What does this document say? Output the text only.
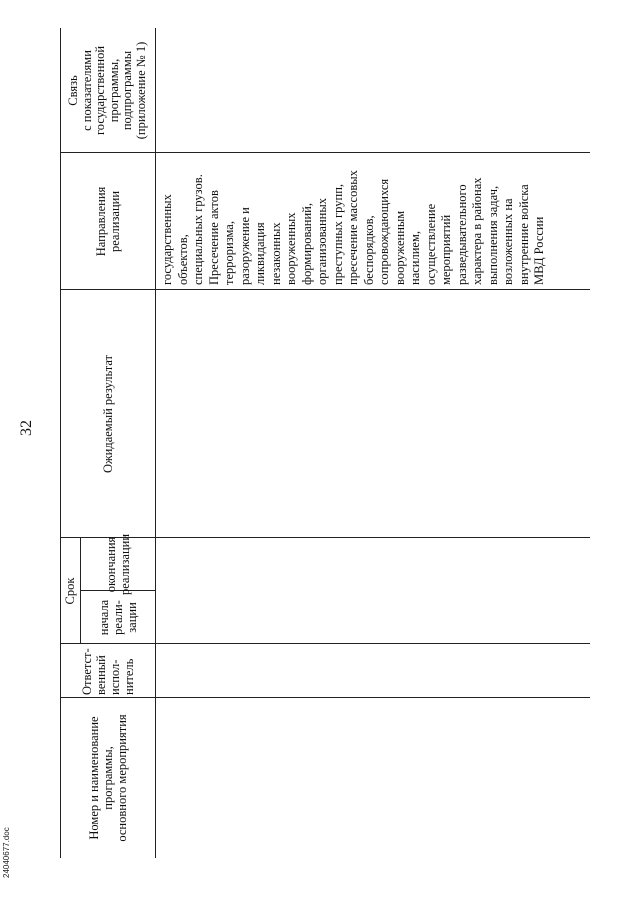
32
Номер и наименование программы, основного мероприятия
Ответст- венный испол- нитель
Срок
начала реали- зации
окончания реализации
Ожидаемый результат
Направления реализации
Связь с показателями государственной программы, подпрограммы (приложение № 1)
государственных объектов, специальных грузов. Пресечение актов терроризма, разоружение и ликвидация незаконных вооруженных формирований, организованных преступных групп, пресечение массовых беспорядков, сопровождающихся вооруженным насилием, осуществление мероприятий разведывательного характера в районах выполнения задач, возложенных на внутренние войска МВД России
24040677.doc
